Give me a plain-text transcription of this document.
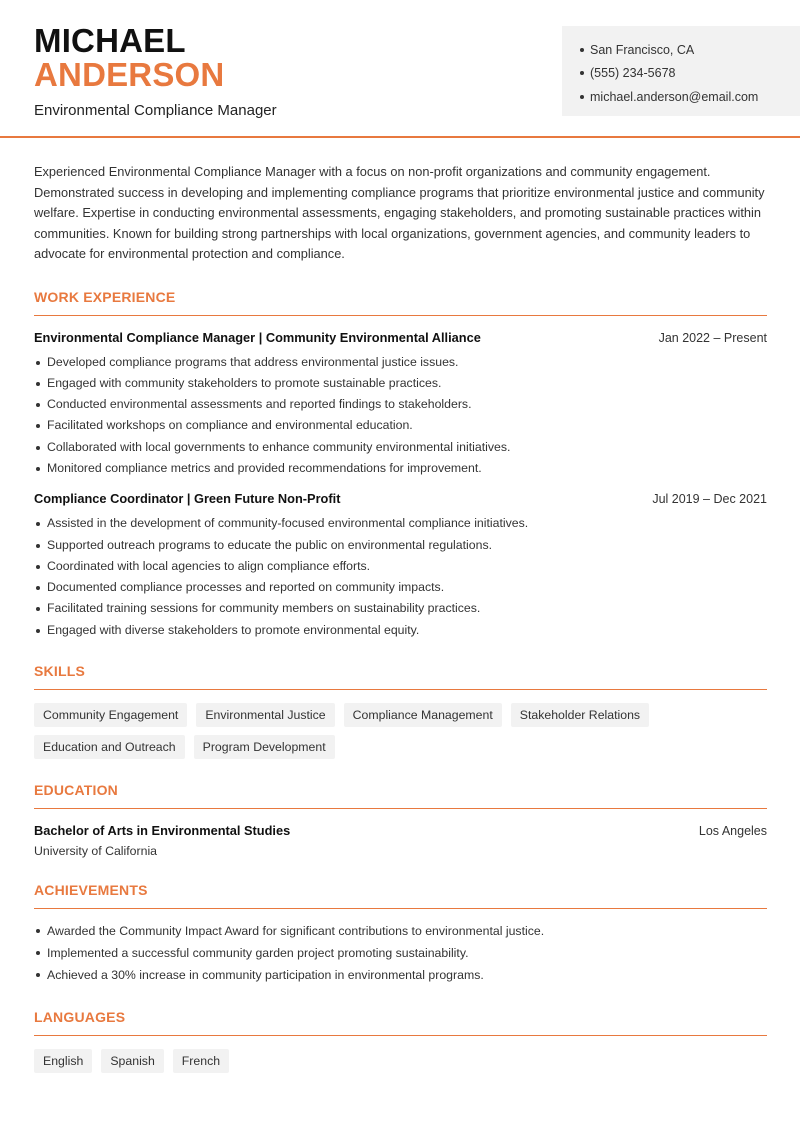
MICHAEL
ANDERSON
Environmental Compliance Manager
San Francisco, CA
(555) 234-5678
michael.anderson@email.com

Experienced Environmental Compliance Manager with a focus on non-profit organizations and community engagement. Demonstrated success in developing and implementing compliance programs that prioritize environmental justice and community welfare. Expertise in conducting environmental assessments, engaging stakeholders, and promoting sustainable practices within communities. Known for building strong partnerships with local organizations, government agencies, and community leaders to advocate for environmental protection and compliance.

WORK EXPERIENCE
Environmental Compliance Manager | Community Environmental Alliance	Jan 2022 – Present
Developed compliance programs that address environmental justice issues.
Engaged with community stakeholders to promote sustainable practices.
Conducted environmental assessments and reported findings to stakeholders.
Facilitated workshops on compliance and environmental education.
Collaborated with local governments to enhance community environmental initiatives.
Monitored compliance metrics and provided recommendations for improvement.
Compliance Coordinator | Green Future Non-Profit	Jul 2019 – Dec 2021
Assisted in the development of community-focused environmental compliance initiatives.
Supported outreach programs to educate the public on environmental regulations.
Coordinated with local agencies to align compliance efforts.
Documented compliance processes and reported on community impacts.
Facilitated training sessions for community members on sustainability practices.
Engaged with diverse stakeholders to promote environmental equity.
SKILLS
Community Engagement	Environmental Justice	Compliance Management	Stakeholder Relations
Education and Outreach	Program Development
EDUCATION
Bachelor of Arts in Environmental Studies	Los Angeles
University of California
ACHIEVEMENTS
Awarded the Community Impact Award for significant contributions to environmental justice.
Implemented a successful community garden project promoting sustainability.
Achieved a 30% increase in community participation in environmental programs.
LANGUAGES
English	Spanish	French
